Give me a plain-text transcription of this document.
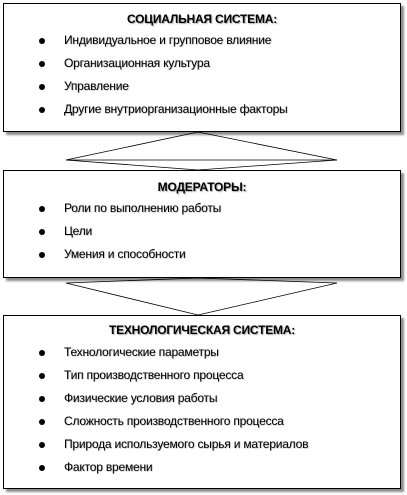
СОЦИАЛЬНАЯ СИСТЕМА:
Индивидуальное и групповое влияние
Организационная культура
Управление
Другие внутриорганизационные факторы
МОДЕРАТОРЫ:
Роли по выполнению работы
Цели
Умения и способности
ТЕХНОЛОГИЧЕСКАЯ СИСТЕМА:
Технологические параметры
Тип производственного процесса
Физические условия работы
Сложность производственного процесса
Природа используемого сырья и материалов
Фактор времени
